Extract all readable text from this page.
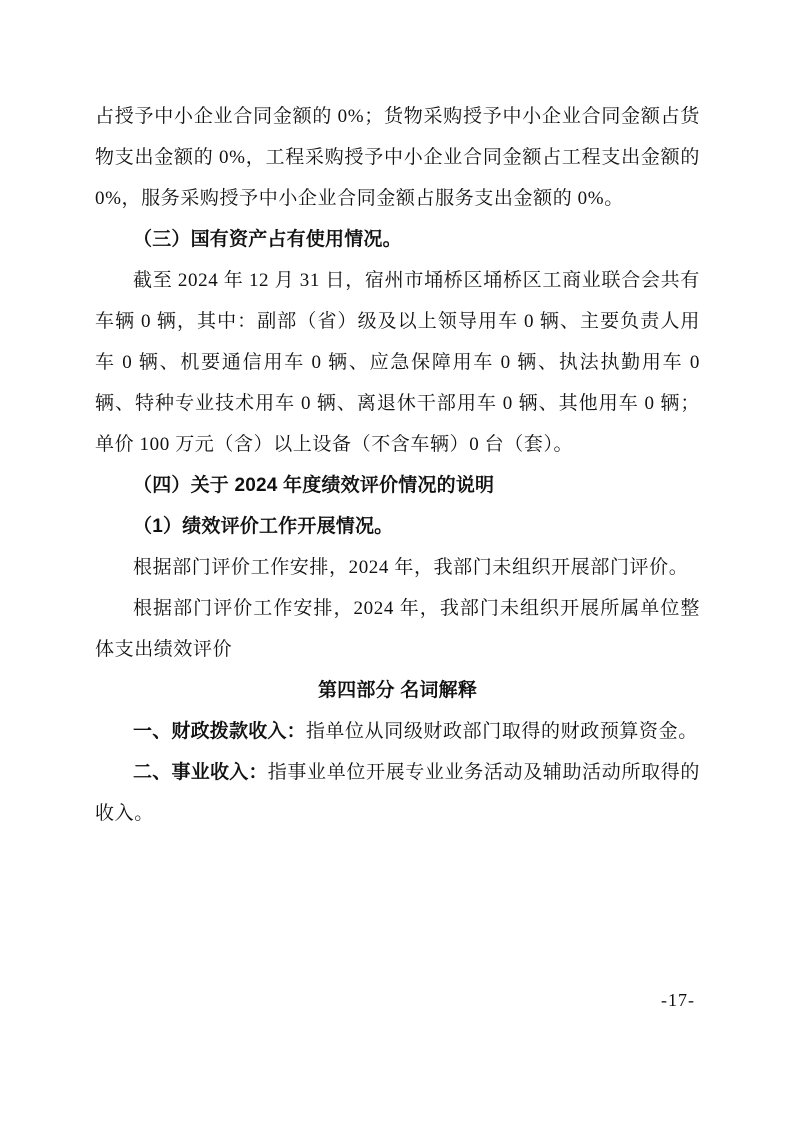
占授予中小企业合同金额的 0%；货物采购授予中小企业合同金额占货物支出金额的 0%，工程采购授予中小企业合同金额占工程支出金额的 0%，服务采购授予中小企业合同金额占服务支出金额的 0%。

（三）国有资产占有使用情况。

截至 2024 年 12 月 31 日，宿州市埇桥区埇桥区工商业联合会共有车辆 0 辆，其中：副部（省）级及以上领导用车 0 辆、主要负责人用车 0 辆、机要通信用车 0 辆、应急保障用车 0 辆、执法执勤用车 0 辆、特种专业技术用车 0 辆、离退休干部用车 0 辆、其他用车 0 辆；单价 100 万元（含）以上设备（不含车辆）0 台（套）。

（四）关于 2024 年度绩效评价情况的说明

（1）绩效评价工作开展情况。

根据部门评价工作安排，2024 年，我部门未组织开展部门评价。

根据部门评价工作安排，2024 年，我部门未组织开展所属单位整体支出绩效评价

第四部分 名词解释

一、财政拨款收入：指单位从同级财政部门取得的财政预算资金。

二、事业收入：指事业单位开展专业业务活动及辅助活动所取得的收入。

-17-
